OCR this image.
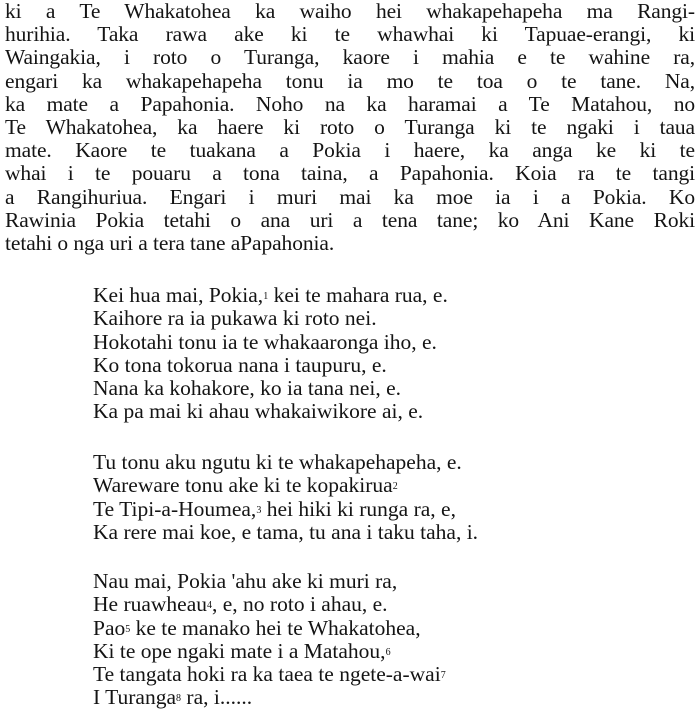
ki a Te Whakatohea ka waiho hei whakapehapeha ma Rangi-
hurihia. Taka rawa ake ki te whawhai ki Tapuae-erangi, ki
Waingakia, i roto o Turanga, kaore i mahia e te wahine ra,
engari ka whakapehapeha tonu ia mo te toa o te tane. Na,
ka mate a Papahonia. Noho na ka haramai a Te Matahou, no
Te Whakatohea, ka haere ki roto o Turanga ki te ngaki i taua
mate. Kaore te tuakana a Pokia i haere, ka anga ke ki te
whai i te pouaru a tona taina, a Papahonia. Koia ra te tangi
a Rangihuriua. Engari i muri mai ka moe ia i a Pokia. Ko
Rawinia Pokia tetahi o ana uri a tena tane; ko Ani Kane Roki
tetahi o nga uri a tera tane aPapahonia.
Kei hua mai, Pokia,$^1$ kei te mahara rua, e.
Kaihore ra ia pukawa ki roto nei.
Hokotahi tonu ia te whakaaronga iho, e.
Ko tona tokorua nana i taupuru, e.
Nana ka kohakore, ko ia tana nei, e.
Ka pa mai ki ahau whakaiwikore ai, e.
Tu tonu aku ngutu ki te whakapehapeha, e.
Wareware tonu ake ki te kopakirua$^2$
Te Tipi-a-Houmea,$^3$ hei hiki ki runga ra, e,
Ka rere mai koe, e tama, tu ana i taku taha, i.
Nau mai, Pokia 'ahu ake ki muri ra,
He ruawheau$^4$, e, no roto i ahau, e.
Pao$^5$ ke te manako hei te Whakatohea,
Ki te ope ngaki mate i a Matahou,$^6$
Te tangata hoki ra ka taea te ngete-a-wai$^7$
I Turanga$^8$ ra, i......
